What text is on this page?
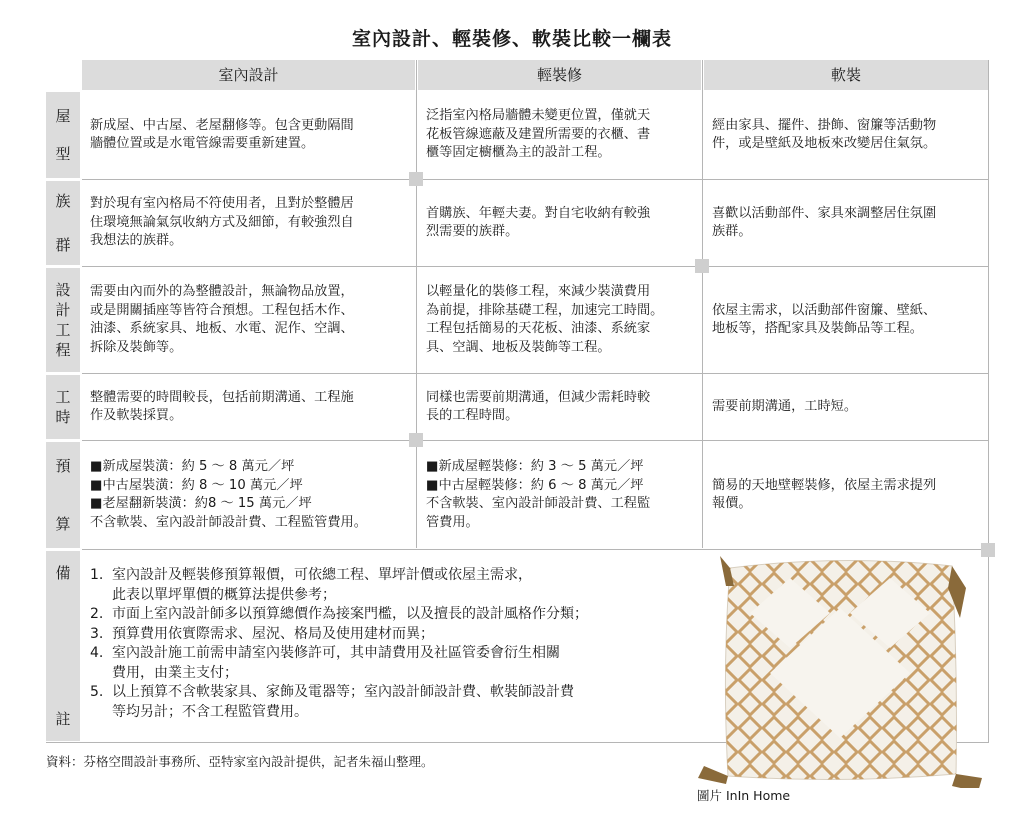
室內設計、輕裝修、軟裝比較一欄表
室內設計	輕裝修	軟裝
屋
型
新成屋、中古屋、老屋翻修等。包含更動隔間
牆體位置或是水電管線需要重新建置。
泛指室內格局牆體未變更位置，僅就天
花板管線遮蔽及建置所需要的衣櫃、書
櫃等固定櫥櫃為主的設計工程。
經由家具、擺件、掛飾、窗簾等活動物
件，或是壁紙及地板來改變居住氣氛。
族
群
對於現有室內格局不符使用者，且對於整體居
住環境無論氣氛收納方式及細節，有較強烈自
我想法的族群。
首購族、年輕夫妻。對自宅收納有較強
烈需要的族群。
喜歡以活動部件、家具來調整居住氛圍
族群。
設
計
工
程
需要由內而外的為整體設計，無論物品放置，
或是開關插座等皆符合預想。工程包括木作、
油漆、系統家具、地板、水電、泥作、空調、
拆除及裝飾等。
以輕量化的裝修工程，來減少裝潢費用
為前提，排除基礎工程，加速完工時間。
工程包括簡易的天花板、油漆、系統家
具、空調、地板及裝飾等工程。
依屋主需求，以活動部件窗簾、壁紙、
地板等，搭配家具及裝飾品等工程。
工
時
整體需要的時間較長，包括前期溝通、工程施
作及軟裝採買。
同樣也需要前期溝通，但減少需耗時較
長的工程時間。
需要前期溝通，工時短。
預
算
■新成屋裝潢：約 5 ～ 8 萬元／坪
■中古屋裝潢：約 8 ～ 10 萬元／坪
■老屋翻新裝潢：約8 ～ 15 萬元／坪
不含軟裝、室內設計師設計費、工程監管費用。
■新成屋輕裝修：約 3 ～ 5 萬元／坪
■中古屋輕裝修：約 6 ～ 8 萬元／坪
不含軟裝、室內設計師設計費、工程監
管費用。
簡易的天地壁輕裝修，依屋主需求提列
報價。
備
註
1. 室內設計及輕裝修預算報價，可依總工程、單坪計價或依屋主需求，
此表以單坪單價的概算法提供參考；
2. 市面上室內設計師多以預算總價作為接案門檻，以及擅長的設計風格作分類；
3. 預算費用依實際需求、屋況、格局及使用建材而異；
4. 室內設計施工前需申請室內裝修許可，其申請費用及社區管委會衍生相關
費用，由業主支付；
5. 以上預算不含軟裝家具、家飾及電器等；室內設計師設計費、軟裝師設計費
等均另計；不含工程監管費用。
資料：芬格空間設計事務所、亞特家室內設計提供，記者朱福山整理。
圖片 InIn Home
